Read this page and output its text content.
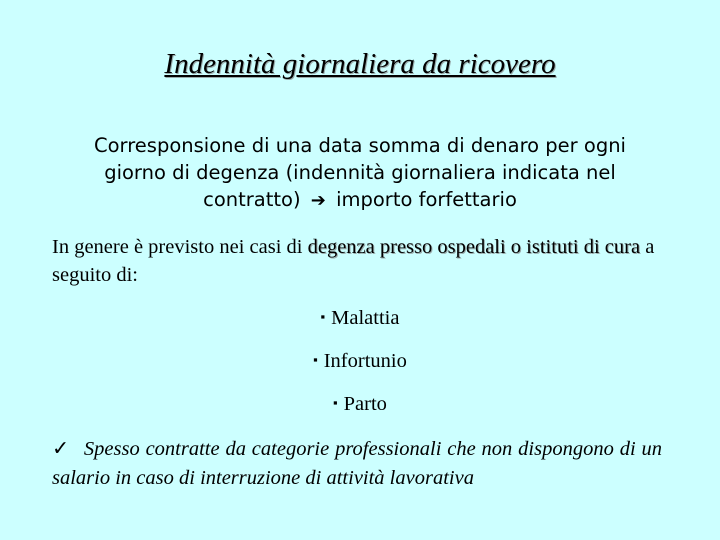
Indennità giornaliera da ricovero
Corresponsione di una data somma di denaro per ogni
giorno di degenza (indennità giornaliera indicata nel
contratto) ➔ importo forfettario
In genere è previsto nei casi di degenza presso ospedali o istituti di cura a seguito di:
▪ Malattia
▪ Infortunio
▪ Parto
✓ Spesso contratte da categorie professionali che non dispongono di un salario in caso di interruzione di attività lavorativa
